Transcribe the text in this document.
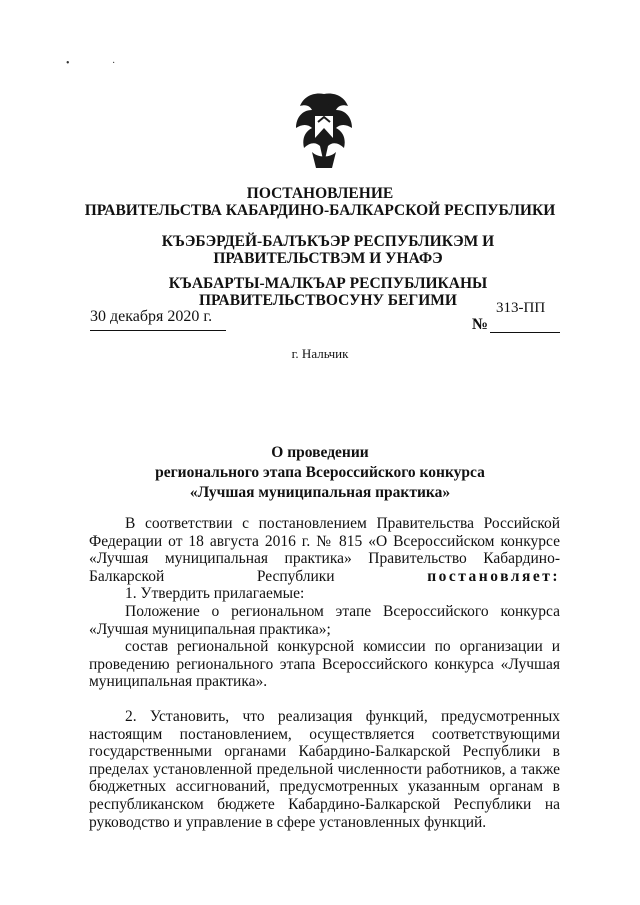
• ·
ПОСТАНОВЛЕНИЕ
ПРАВИТЕЛЬСТВА КАБАРДИНО-БАЛКАРСКОЙ РЕСПУБЛИКИ
КЪЭБЭРДЕЙ-БАЛЪКЪЭР РЕСПУБЛИКЭМ И ПРАВИТЕЛЬСТВЭМ И УНАФЭ
КЪАБАРТЫ-МАЛКЪАР РЕСПУБЛИКАНЫ ПРАВИТЕЛЬСТВОСУНУ БЕГИМИ
30 декабря 2020 г.	313-ПП
№
г. Нальчик
О проведении
регионального этапа Всероссийского конкурса
«Лучшая муниципальная практика»

В соответствии с постановлением Правительства Российской Федерации от 18 августа 2016 г. № 815 «О Всероссийском конкурсе «Лучшая муниципальная практика» Правительство Кабардино-Балкарской Республики постановляет:

1. Утвердить прилагаемые:

Положение о региональном этапе Всероссийского конкурса «Лучшая муниципальная практика»;

состав региональной конкурсной комиссии по организации и проведению регионального этапа Всероссийского конкурса «Лучшая муниципальная практика».

2. Установить, что реализация функций, предусмотренных настоящим постановлением, осуществляется соответствующими государственными органами Кабардино-Балкарской Республики в пределах установленной предельной численности работников, а также бюджетных ассигнований, предусмотренных указанным органам в республиканском бюджете Кабардино-Балкарской Республики на руководство и управление в сфере установленных функций.
